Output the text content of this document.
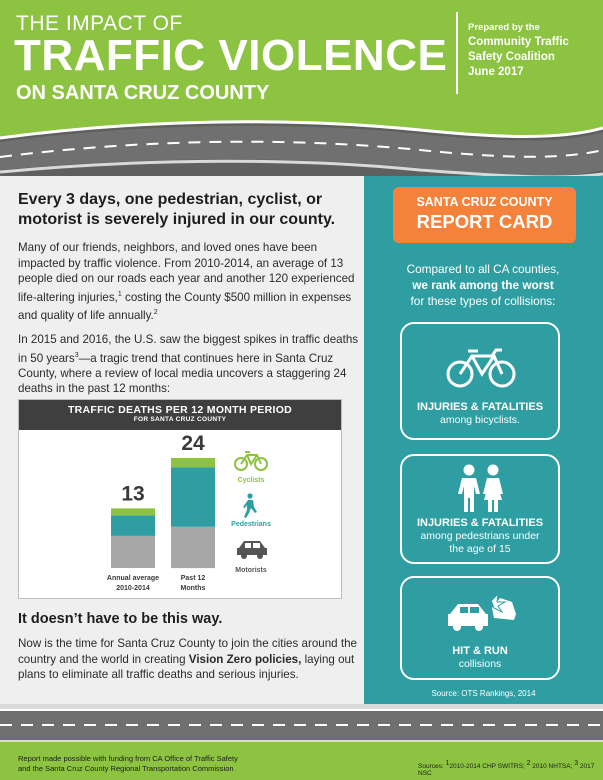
THE IMPACT OF
TRAFFIC VIOLENCE
ON SANTA CRUZ COUNTY
Prepared by the
Community Traffic
Safety Coalition
June 2017
Every 3 days, one pedestrian, cyclist, or motorist is severely injured in our county.

Many of our friends, neighbors, and loved ones have been impacted by traffic violence. From 2010-2014, an average of 13 people died on our roads each year and another 120 experienced life-altering injuries,$^1$ costing the County $500 million in expenses and quality of life annually.$^2$

In 2015 and 2016, the U.S. saw the biggest spikes in traffic deaths in 50 years$^3$—a tragic trend that continues here in Santa Cruz County, where a review of local media uncovers a staggering 24 deaths in the past 12 months:

TRAFFIC DEATHS PER 12 MONTH PERIOD
FOR SANTA CRUZ COUNTY
13
Annual average
2010-2014
24
Past 12
Months
Motorists
Pedestrians
Cyclists
It doesn’t have to be this way.

Now is the time for Santa Cruz County to join the cities around the country and the world in creating Vision Zero policies, laying out plans to eliminate all traffic deaths and serious injuries.

SANTA CRUZ COUNTY
REPORT CARD
Compared to all CA counties,
we rank among the worst
for these types of collisions:
INJURIES & FATALITIES
among bicyclists.
INJURIES & FATALITIES
among pedestrians under
the age of 15
HIT & RUN
collisions
Source: OTS Rankings, 2014
Report made possible with funding from CA Office of Traffic Safety
and the Santa Cruz County Regional Transportation Commission	Sources: $^1$2010-2014 CHP SWITRS; $^2$ 2010 NHTSA; $^3$ 2017 NSC
